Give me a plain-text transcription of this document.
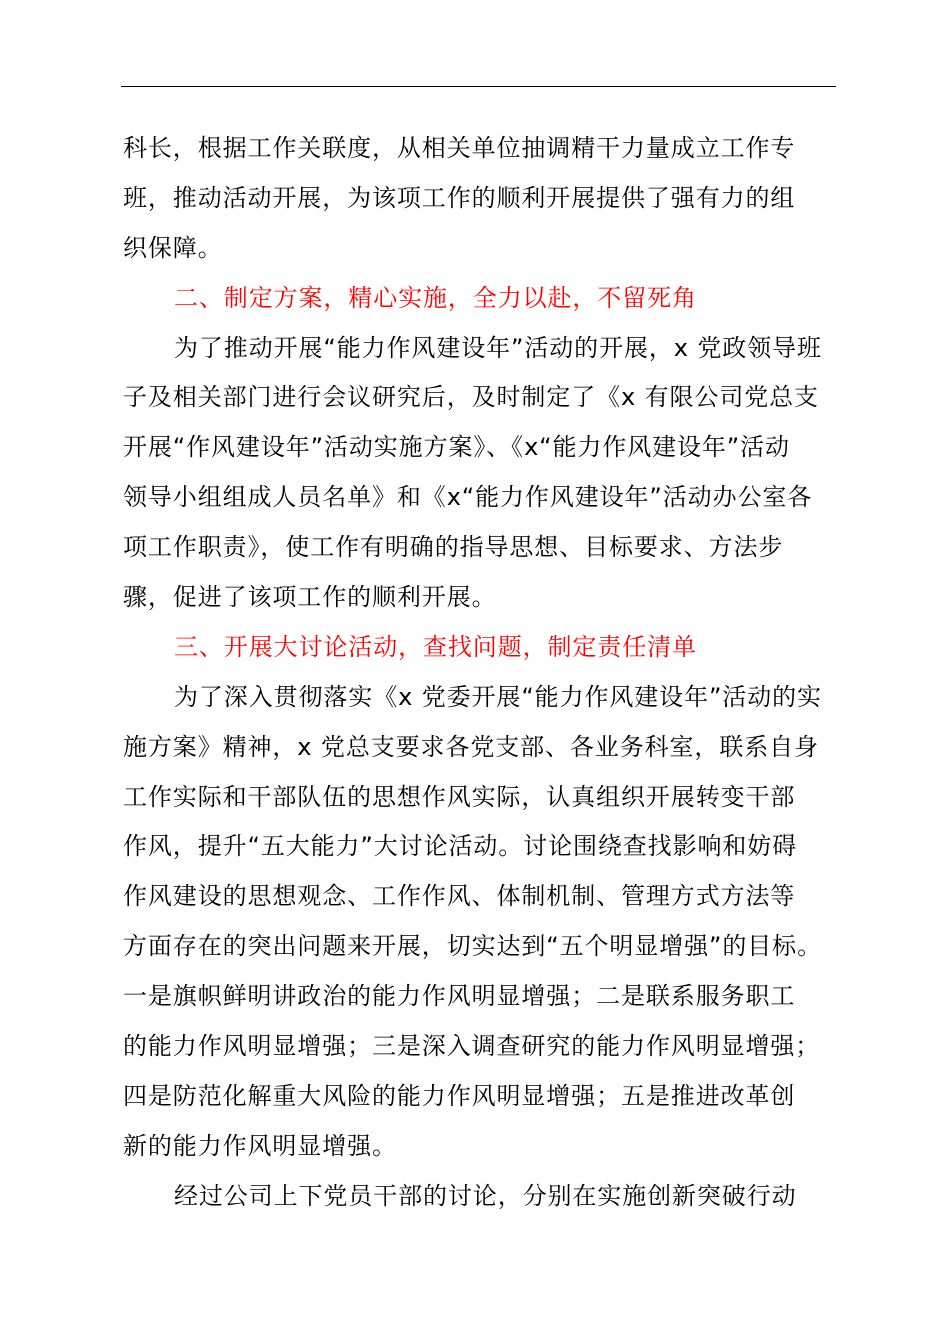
科长，根据工作关联度，从相关单位抽调精干力量成立工作专
班，推动活动开展，为该项工作的顺利开展提供了强有力的组
织保障。
二、制定方案，精心实施，全力以赴，不留死角
为了推动开展“能力作风建设年”活动的开展，x 党政领导班
子及相关部门进行会议研究后，及时制定了《x 有限公司党总支
开展“作风建设年”活动实施方案》、《x“能力作风建设年”活动
领导小组组成人员名单》和《x“能力作风建设年”活动办公室各
项工作职责》，使工作有明确的指导思想、目标要求、方法步
骤，促进了该项工作的顺利开展。
三、开展大讨论活动，查找问题，制定责任清单
为了深入贯彻落实《x 党委开展“能力作风建设年”活动的实
施方案》精神，x 党总支要求各党支部、各业务科室，联系自身
工作实际和干部队伍的思想作风实际，认真组织开展转变干部
作风，提升“五大能力”大讨论活动。讨论围绕查找影响和妨碍
作风建设的思想观念、工作作风、体制机制、管理方式方法等
方面存在的突出问题来开展，切实达到“五个明显增强”的目标。
一是旗帜鲜明讲政治的能力作风明显增强；二是联系服务职工
的能力作风明显增强；三是深入调查研究的能力作风明显增强；
四是防范化解重大风险的能力作风明显增强；五是推进改革创
新的能力作风明显增强。
经过公司上下党员干部的讨论，分别在实施创新突破行动
